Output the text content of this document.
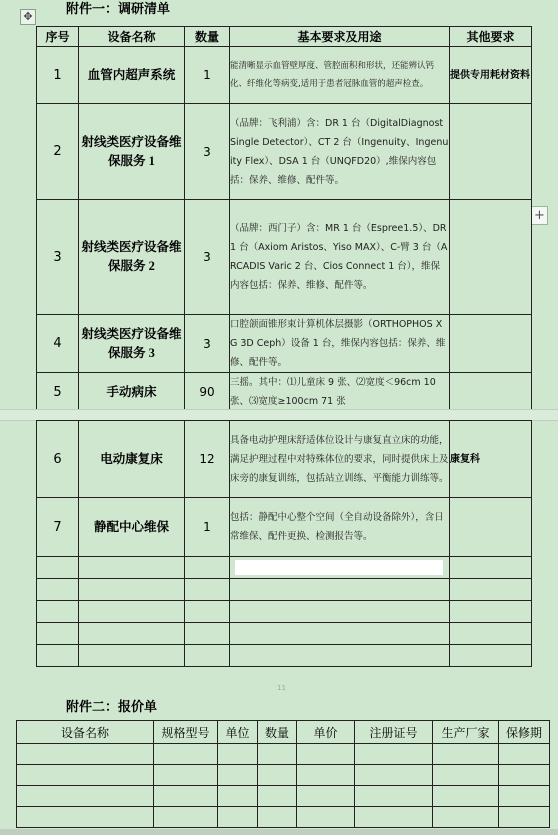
✥
附件一：调研清单
+
序号	设备名称	数量	基本要求及用途	其他要求
1	血管内超声系统	1	能清晰显示血管壁厚度、管腔面积和形状，还能辨认钙化、纤维化等病变,适用于患者冠脉血管的超声检查。	提供专用耗材资料
2	射线类医疗设备维保服务 1	3	（品牌：飞利浦）含：DR 1 台（DigitalDiagnost Single Detector）、CT 2 台（Ingenuity、Ingenuity Flex）、DSA 1 台（UNQFD20）,维保内容包括：保养、维修、配件等。	
3	射线类医疗设备维保服务 2	3	（品牌：西门子）含：MR 1 台（Espree1.5）、DR 1 台（Axiom Aristos、Yiso MAX）、C-臂 3 台（ARCADIS Varic 2 台、Cios Connect 1 台），维保内容包括：保养、维修、配件等。	
4	射线类医疗设备维保服务 3	3	口腔颌面锥形束计算机体层摄影（ORTHOPHOS XG 3D Ceph）设备 1 台，维保内容包括：保养、维修、配件等。	
5	手动病床	90	三摇。其中：⑴儿童床 9 张、⑵宽度＜96cm 10 张、⑶宽度≥100cm 71 张	
6	电动康复床	12	具备电动护理床舒适体位设计与康复直立床的功能，满足护理过程中对特殊体位的要求，同时提供床上及床旁的康复训练，包括站立训练、平衡能力训练等。	康复科
7	静配中心维保	1	包括：静配中心整个空间（全自动设备除外），含日常维保、配件更换、检测报告等。	

11
附件二：报价单
设备名称	规格型号	单位	数量	单价	注册证号	生产厂家	保修期
